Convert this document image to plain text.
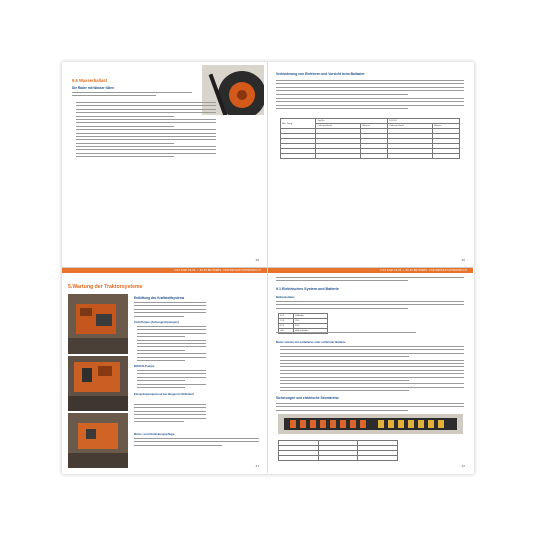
9.5 Wasserballast
Die Räder mit Wasser füllen
39
Verhinderung von Einfrieren und Vorsicht beim Ballaster
Min. Temp.	Typ No		13.6-24	
	Calciumchlorid	Wasser	Calciumchlorid	Wasser

40
FIAT AGRI 65-66 — 80-66 BETRIEBS- UND REPARATURHANDBUCH
5.Wartung der Traktorsysteme
Entlüftung des Kraftstoffsystems
CAV-Pumpe (Anlassgrottpumpen)
BOSCH-Pumpe
Einspritzpumpencoat bei längerem Stillstand
Motor- und Abdeckungspflege
41
FIAT AGRI 65-66 — 80-66 BETRIEBS- UND REPARATURHANDBUCH
9.1 Elektrisches System und Batterie
Batteriestatus
12,6	Vollladen
12,4	75%
12,2	50%
Volt	Halb entladen
Motor starten mit entladener oder entfernter Batterie
Sicherungen und elektrische Stromkreise

42
